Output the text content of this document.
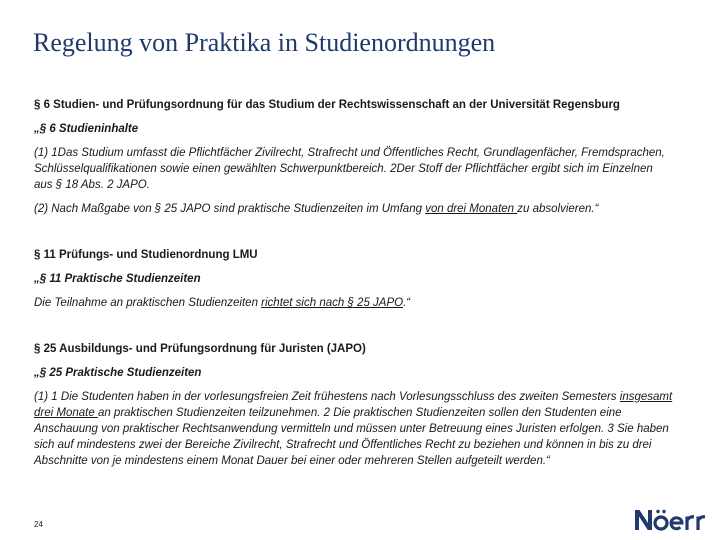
Regelung von Praktika in Studienordnungen

§ 6 Studien- und Prüfungsordnung für das Studium der Rechtswissenschaft an der Universität Regensburg

„§ 6 Studieninhalte

(1) 1Das Studium umfasst die Pflichtfächer Zivilrecht, Strafrecht und Öffentliches Recht, Grundlagenfächer, Fremdsprachen, Schlüsselqualifikationen sowie einen gewählten Schwerpunktbereich. 2Der Stoff der Pflichtfächer ergibt sich im Einzelnen aus § 18 Abs. 2 JAPO.

(2) Nach Maßgabe von § 25 JAPO sind praktische Studienzeiten im Umfang von drei Monaten zu absolvieren.“

§ 11 Prüfungs- und Studienordnung LMU

„§ 11 Praktische Studienzeiten

Die Teilnahme an praktischen Studienzeiten richtet sich nach § 25 JAPO.“

§ 25 Ausbildungs- und Prüfungsordnung für Juristen (JAPO)

„§ 25 Praktische Studienzeiten

(1) 1 Die Studenten haben in der vorlesungsfreien Zeit frühestens nach Vorlesungsschluss des zweiten Semesters insgesamt drei Monate an praktischen Studienzeiten teilzunehmen. 2 Die praktischen Studienzeiten sollen den Studenten eine Anschauung von praktischer Rechtsanwendung vermitteln und müssen unter Betreuung eines Juristen erfolgen. 3 Sie haben sich auf mindestens zwei der Bereiche Zivilrecht, Strafrecht und Öffentliches Recht zu beziehen und können in bis zu drei Abschnitte von je mindestens einem Monat Dauer bei einer oder mehreren Stellen aufgeteilt werden.“

24
